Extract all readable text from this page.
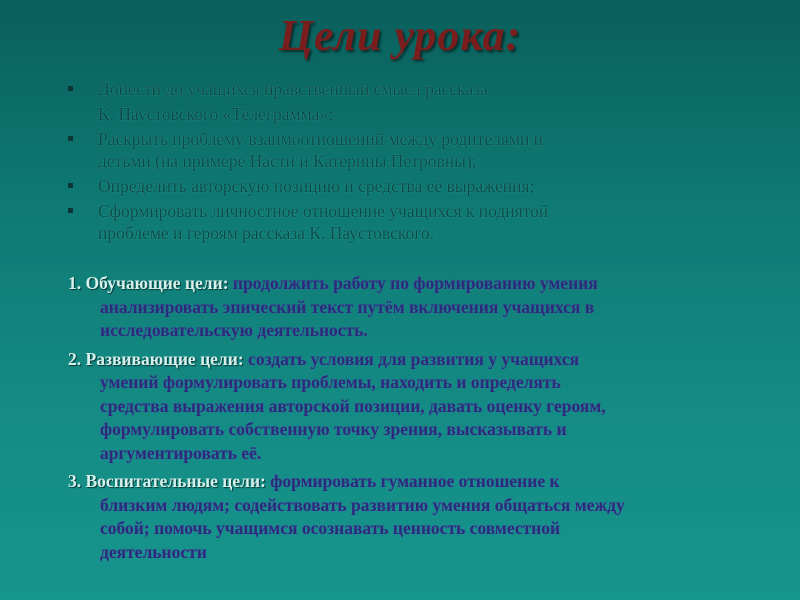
Цели урока:
Донести до учащихся нравственный смысл рассказа
К. Паустовского «Телеграмма»;
Раскрыть проблему взаимоотношений между родителями и
детьми (на примере Насти и Катерины Петровны);
Определить авторскую позицию и средства её выражения;
Сформировать личностное отношение учащихся к поднятой
проблеме и героям рассказа К. Паустовского.
1. Обучающие цели: продолжить работу по формированию умения
анализировать эпический текст путём включения учащихся в
исследовательскую деятельность.
2. Развивающие цели: создать условия для развития у учащихся
умений формулировать проблемы, находить и определять
средства выражения авторской позиции, давать оценку героям,
формулировать собственную точку зрения, высказывать и
аргументировать её.
3. Воспитательные цели: формировать гуманное отношение к
близким людям; содействовать развитию умения общаться между
собой; помочь учащимся осознавать ценность совместной
деятельности
